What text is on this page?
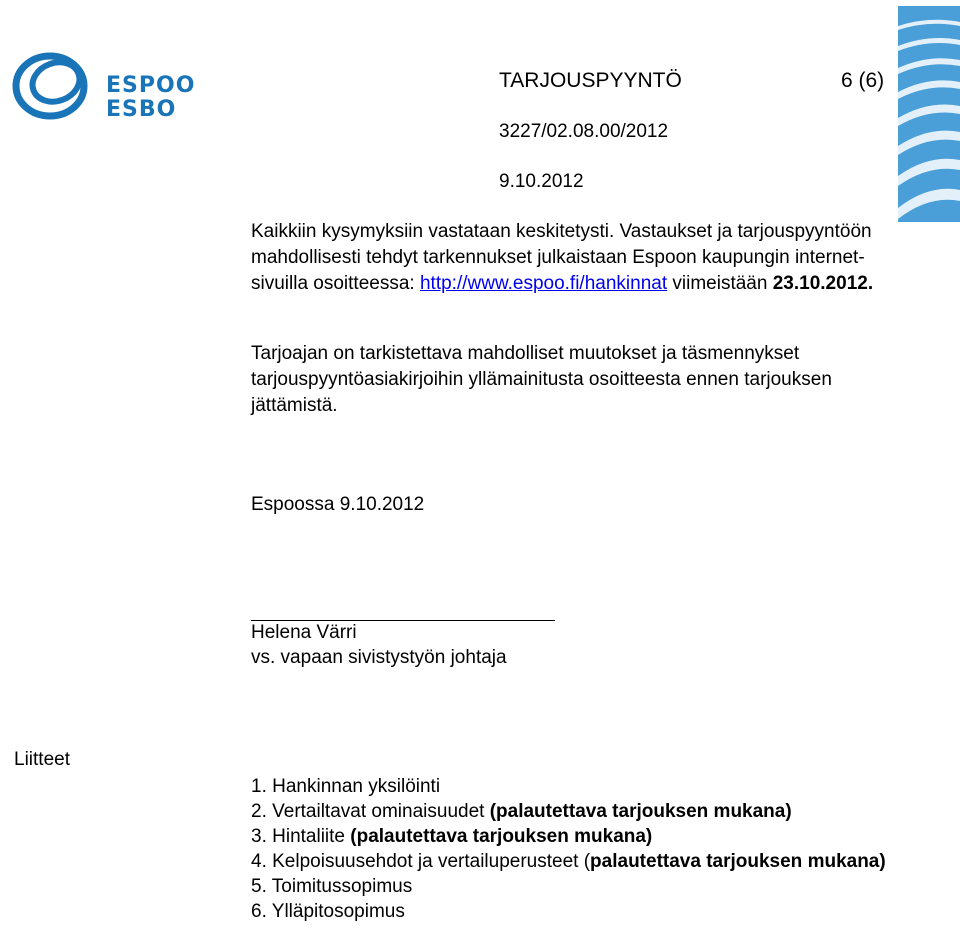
ESPOO
ESBO
TARJOUSPYYNTÖ	6 (6)
3227/02.08.00/2012
9.10.2012
Kaikkiin kysymyksiin vastataan keskitetysti. Vastaukset ja tarjouspyyntöön mahdollisesti tehdyt tarkennukset julkaistaan Espoon kaupungin internet-sivuilla osoitteessa: http://www.espoo.fi/hankinnat viimeistään 23.10.2012.
Tarjoajan on tarkistettava mahdolliset muutokset ja täsmennykset tarjouspyyntöasiakirjoihin yllämainitusta osoitteesta ennen tarjouksen jättämistä.
Espoossa 9.10.2012
Helena Värri
vs. vapaan sivistystyön johtaja
Liitteet
1. Hankinnan yksilöinti
2. Vertailtavat ominaisuudet (palautettava tarjouksen mukana)
3. Hintaliite (palautettava tarjouksen mukana)
4. Kelpoisuusehdot ja vertailuperusteet (palautettava tarjouksen mukana)
5. Toimitussopimus
6. Ylläpitosopimus
